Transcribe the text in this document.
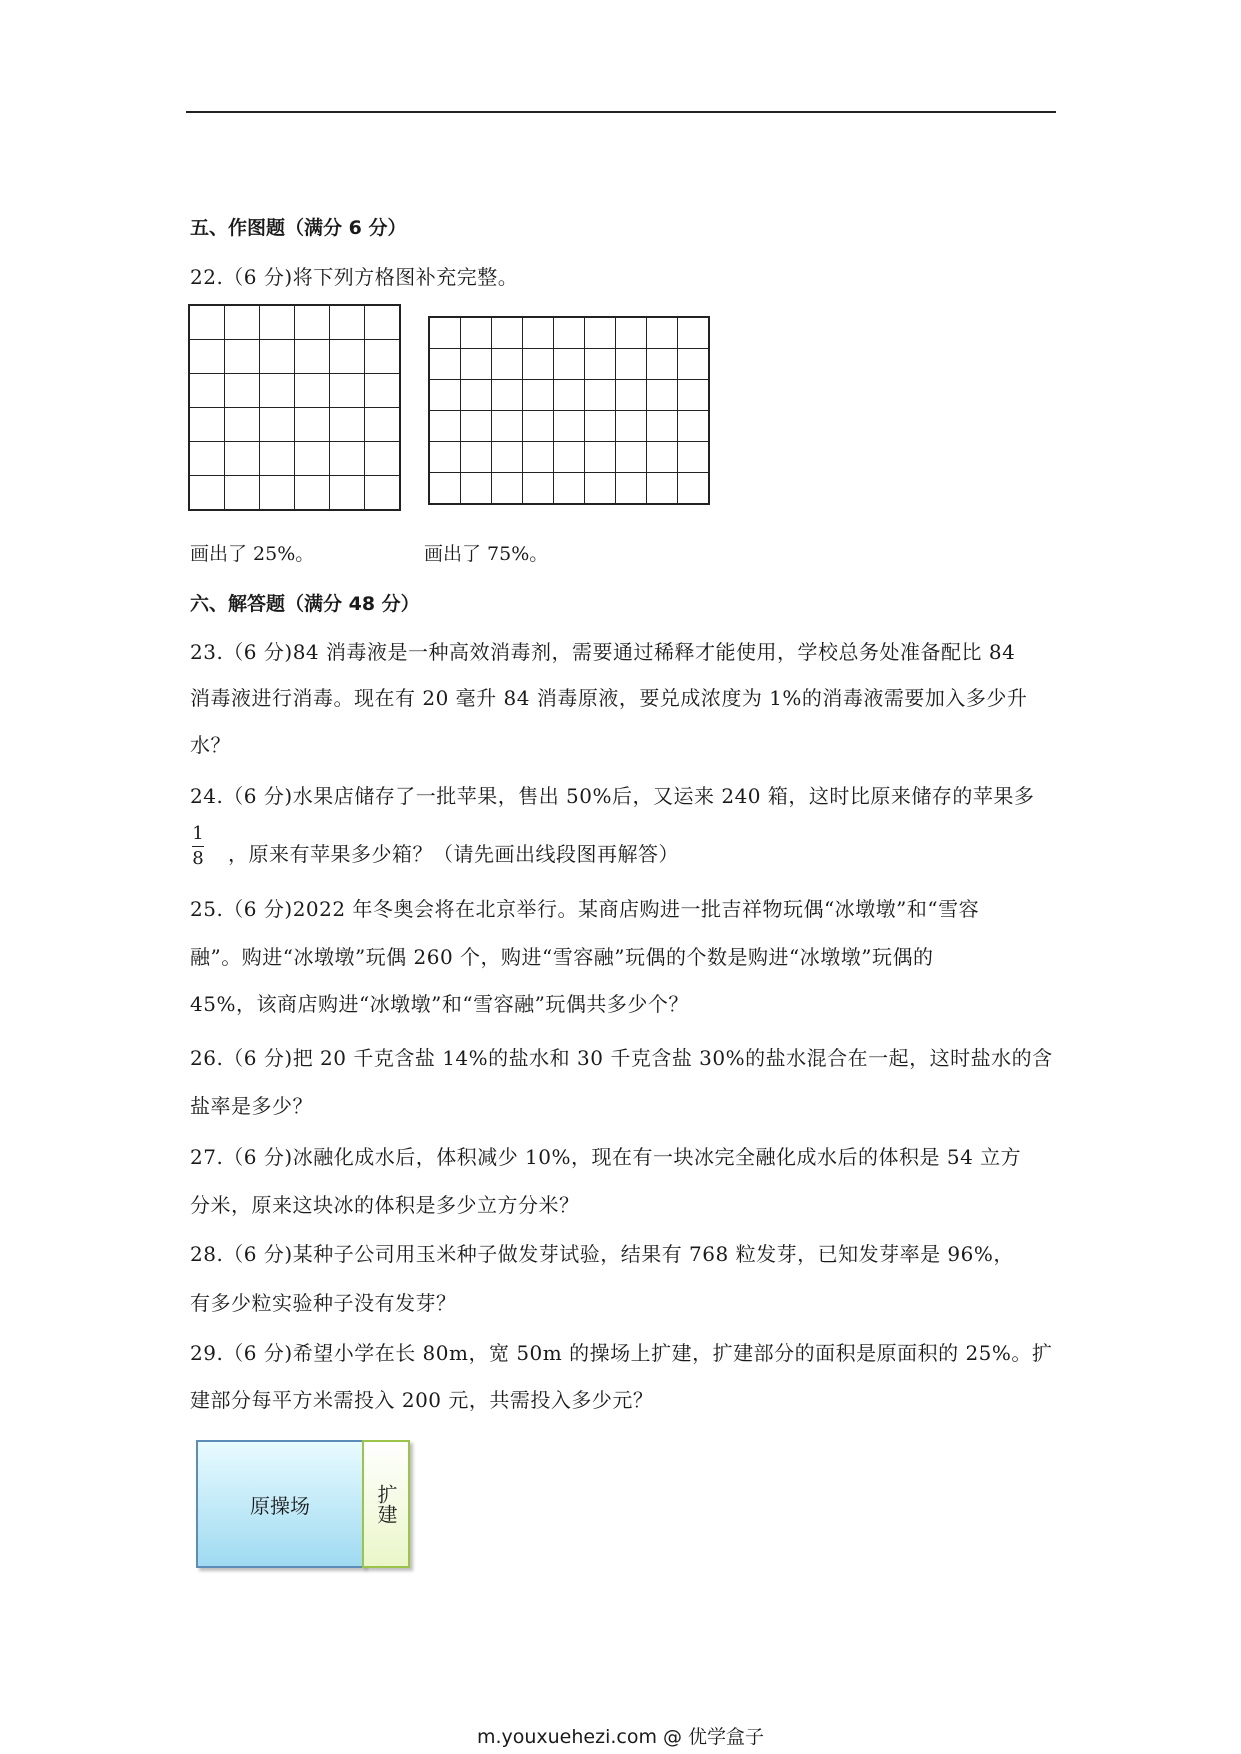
五、作图题（满分 6 分）
22.（6 分)将下列方格图补充完整。

画出了 25%。	画出了 75%。
六、解答题（满分 48 分）
23.（6 分)84 消毒液是一种高效消毒剂，需要通过稀释才能使用，学校总务处准备配比 84
消毒液进行消毒。现在有 20 毫升 84 消毒原液，要兑成浓度为 1%的消毒液需要加入多少升
水？
24.（6 分)水果店储存了一批苹果，售出 50%后，又运来 240 箱，这时比原来储存的苹果多
1
8 ，原来有苹果多少箱？（请先画出线段图再解答）
25.（6 分)2022 年冬奥会将在北京举行。某商店购进一批吉祥物玩偶“冰墩墩”和“雪容
融”。购进“冰墩墩”玩偶 260 个，购进“雪容融”玩偶的个数是购进“冰墩墩”玩偶的
45%，该商店购进“冰墩墩”和“雪容融”玩偶共多少个？
26.（6 分)把 20 千克含盐 14%的盐水和 30 千克含盐 30%的盐水混合在一起，这时盐水的含
盐率是多少？
27.（6 分)冰融化成水后，体积减少 10%，现在有一块冰完全融化成水后的体积是 54 立方
分米，原来这块冰的体积是多少立方分米？
28.（6 分)某种子公司用玉米种子做发芽试验，结果有 768 粒发芽，已知发芽率是 96%，
有多少粒实验种子没有发芽？
29.（6 分)希望小学在长 80m，宽 50m 的操场上扩建，扩建部分的面积是原面积的 25%。扩
建部分每平方米需投入 200 元，共需投入多少元？
原操场	扩建
m.youxuehezi.com @ 优学盒子
